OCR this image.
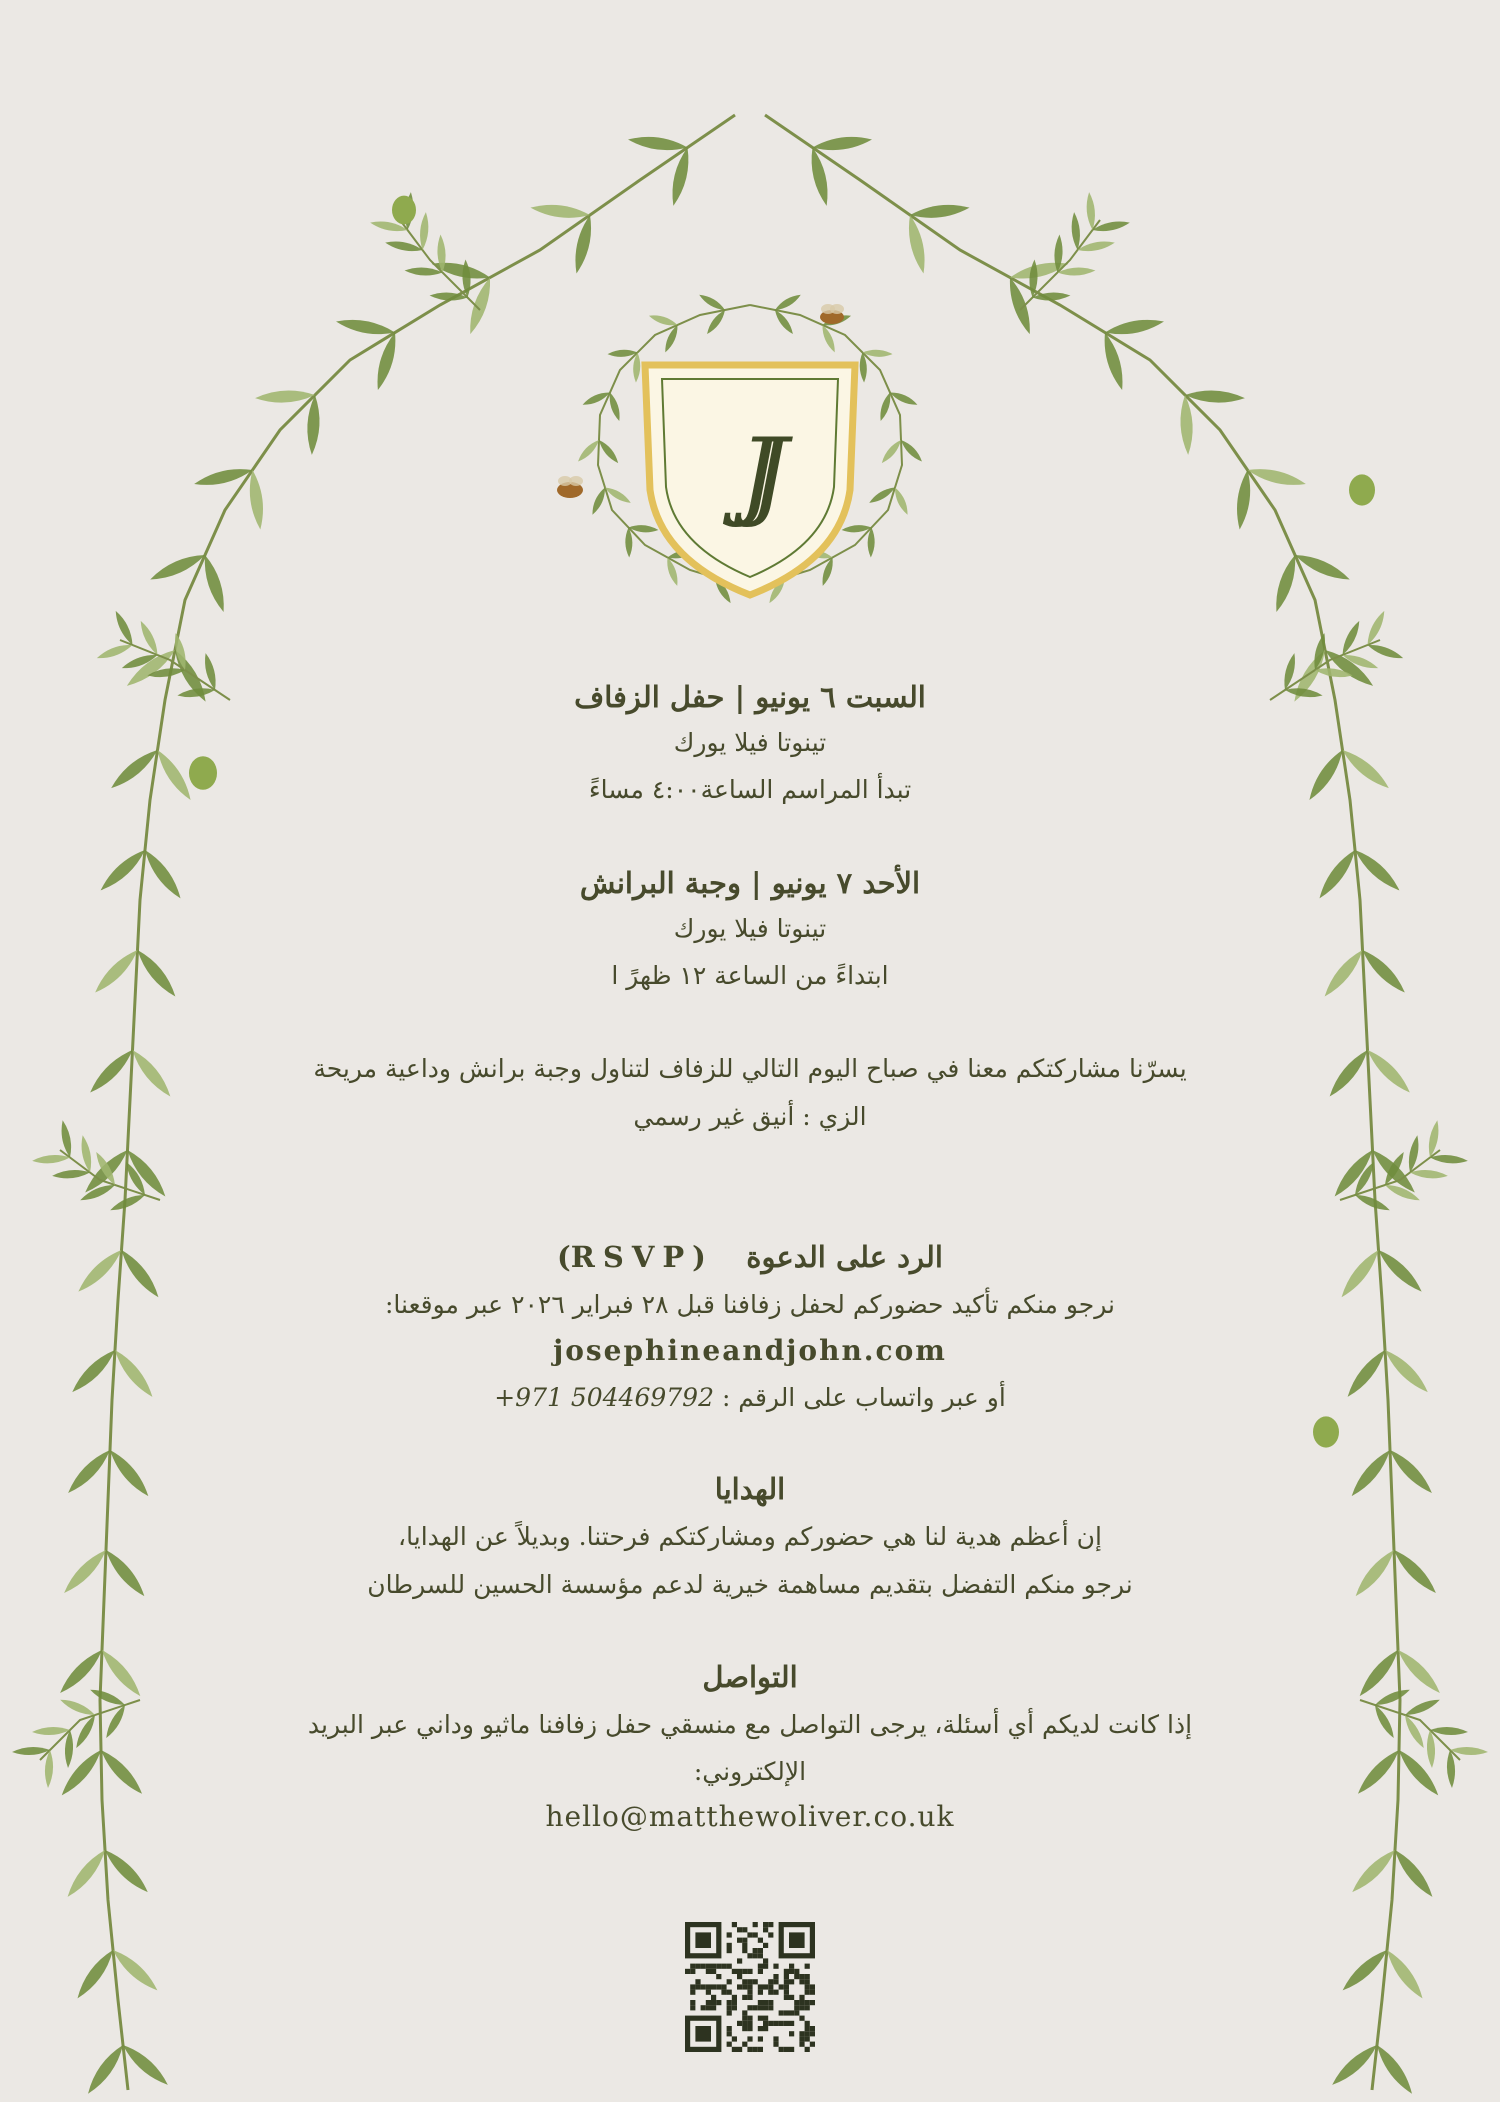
السبت ٦ يونيو | حفل الزفاف
تينوتا فيلا يورك
تبدأ المراسم الساعة٤:٠٠ مساءً
الأحد ٧ يونيو | وجبة البرانش
تينوتا فيلا يورك
ابتداءً من الساعة ١٢ ظهرً ا
يسرّنا مشاركتكم معنا في صباح اليوم التالي للزفاف لتناول وجبة برانش وداعية مريحة
الزي : أنيق غير رسمي
الرد على الدعوة    (RSVP)
نرجو منكم تأكيد حضوركم لحفل زفافنا قبل ٢٨ فبراير ٢٠٢٦ عبر موقعنا:
josephineandjohn.com
أو عبر واتساب على الرقم : +971 504469792
الهدايا
إن أعظم هدية لنا هي حضوركم ومشاركتكم فرحتنا. وبديلاً عن الهدايا،
نرجو منكم التفضل بتقديم مساهمة خيرية لدعم مؤسسة الحسين للسرطان
التواصل
إذا كانت لديكم أي أسئلة، يرجى التواصل مع منسقي حفل زفافنا ماثيو وداني عبر البريد
الإلكتروني:
hello@matthewoliver.co.uk
